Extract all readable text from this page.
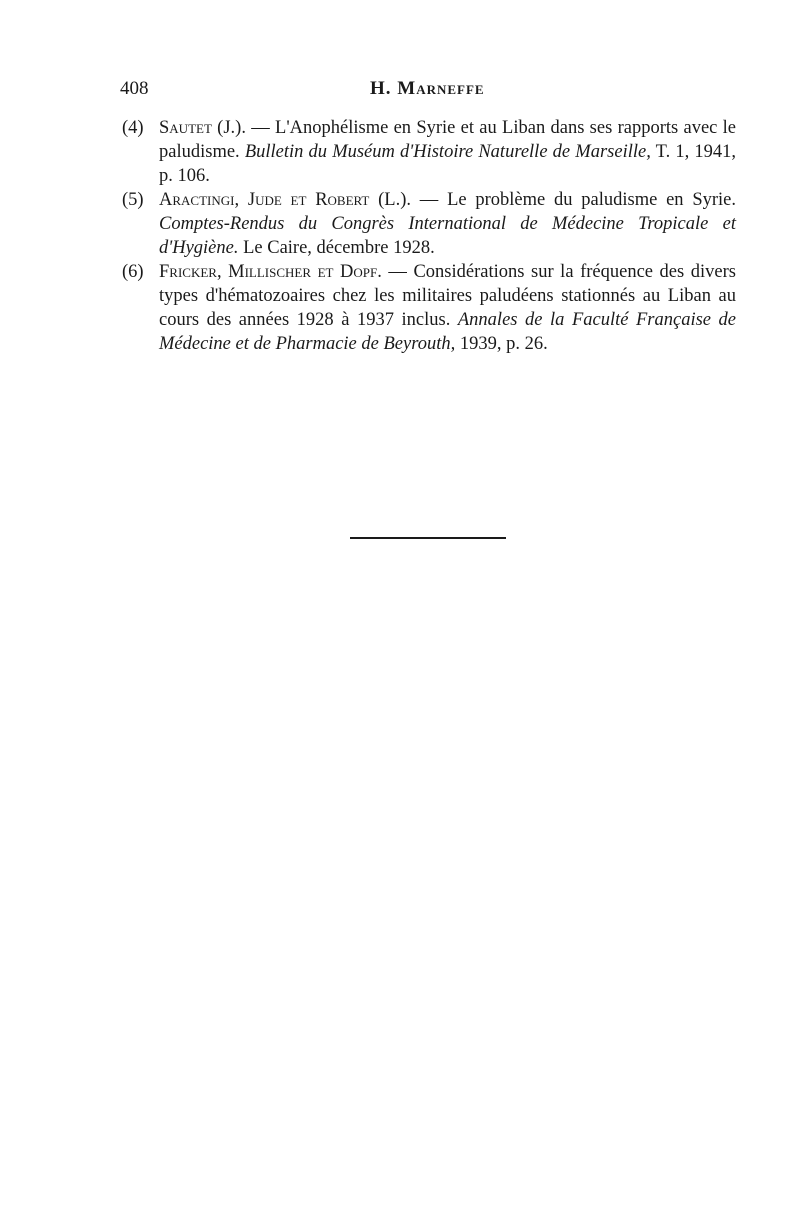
408	H. Marneffe

(4) Sautet (J.). — L'Anophélisme en Syrie et au Liban dans ses rapports avec le paludisme. Bulletin du Muséum d'Histoire Naturelle de Marseille, T. 1, 1941, p. 106.

(5) Aractingi, Jude et Robert (L.). — Le problème du paludisme en Syrie. Comptes-Rendus du Congrès International de Médecine Tropicale et d'Hygiène. Le Caire, décembre 1928.

(6) Fricker, Millischer et Dopf. — Considérations sur la fréquence des divers types d'hématozoaires chez les militaires paludéens stationnés au Liban au cours des années 1928 à 1937 inclus. Annales de la Faculté Française de Médecine et de Pharmacie de Beyrouth, 1939, p. 26.
